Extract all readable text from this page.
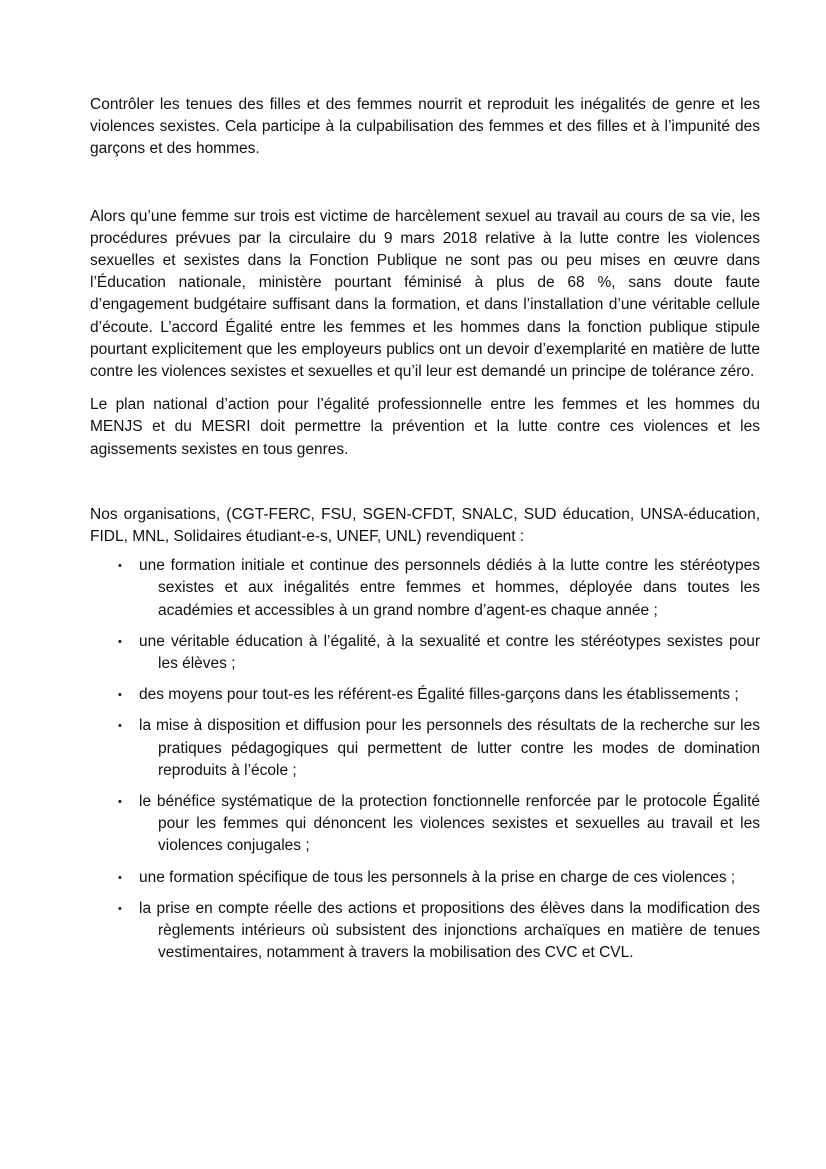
Contrôler les tenues des filles et des femmes nourrit et reproduit les inégalités de genre et les violences sexistes. Cela participe à la culpabilisation des femmes et des filles et à l’impunité des garçons et des hommes.

Alors qu’une femme sur trois est victime de harcèlement sexuel au travail au cours de sa vie, les procédures prévues par la circulaire du 9 mars 2018 relative à la lutte contre les violences sexuelles et sexistes dans la Fonction Publique ne sont pas ou peu mises en œuvre dans l’Éducation nationale, ministère pourtant féminisé à plus de 68 %, sans doute faute d’engagement budgétaire suffisant dans la formation, et dans l’installation d’une véritable cellule d’écoute. L’accord Égalité entre les femmes et les hommes dans la fonction publique stipule pourtant explicitement que les employeurs publics ont un devoir d’exemplarité en matière de lutte contre les violences sexistes et sexuelles et qu’il leur est demandé un principe de tolérance zéro.

Le plan national d’action pour l’égalité professionnelle entre les femmes et les hommes du MENJS et du MESRI doit permettre la prévention et la lutte contre ces violences et les agissements sexistes en tous genres.

Nos organisations, (CGT-FERC, FSU, SGEN-CFDT, SNALC, SUD éducation, UNSA-éducation, FIDL, MNL, Solidaires étudiant-e-s, UNEF, UNL) revendiquent :

• une formation initiale et continue des personnels dédiés à la lutte contre les stéréotypes sexistes et aux inégalités entre femmes et hommes, déployée dans toutes les académies et accessibles à un grand nombre d’agent-es chaque année ;
• une véritable éducation à l’égalité, à la sexualité et contre les stéréotypes sexistes pour les élèves ;
• des moyens pour tout-es les référent-es Égalité filles-garçons dans les établissements ;
• la mise à disposition et diffusion pour les personnels des résultats de la recherche sur les pratiques pédagogiques qui permettent de lutter contre les modes de domination reproduits à l’école ;
• le bénéfice systématique de la protection fonctionnelle renforcée par le protocole Égalité pour les femmes qui dénoncent les violences sexistes et sexuelles au travail et les violences conjugales ;
• une formation spécifique de tous les personnels à la prise en charge de ces violences ;
• la prise en compte réelle des actions et propositions des élèves dans la modification des règlements intérieurs où subsistent des injonctions archaïques en matière de tenues vestimentaires, notamment à travers la mobilisation des CVC et CVL.
